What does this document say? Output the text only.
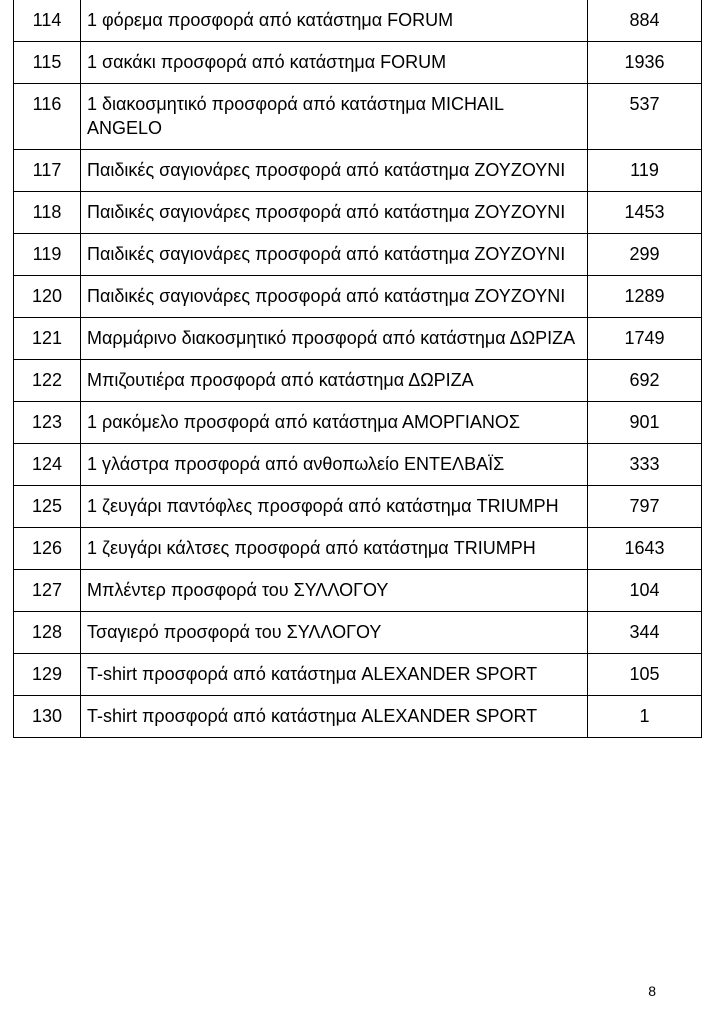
114	1 φόρεμα προσφορά από κατάστημα FORUM	884
115	1 σακάκι προσφορά από κατάστημα FORUM	1936
116	1 διακοσμητικό προσφορά από κατάστημα MICHAIL ANGELO	537
117	Παιδικές σαγιονάρες προσφορά από κατάστημα ΖΟΥΖΟΥΝΙ	119
118	Παιδικές σαγιονάρες προσφορά από κατάστημα ΖΟΥΖΟΥΝΙ	1453
119	Παιδικές σαγιονάρες προσφορά από κατάστημα ΖΟΥΖΟΥΝΙ	299
120	Παιδικές σαγιονάρες προσφορά από κατάστημα ΖΟΥΖΟΥΝΙ	1289
121	Μαρμάρινο διακοσμητικό προσφορά από κατάστημα ΔΩΡΙΖΑ	1749
122	Μπιζουτιέρα προσφορά από κατάστημα ΔΩΡΙΖΑ	692
123	1 ρακόμελο προσφορά από κατάστημα ΑΜΟΡΓΙΑΝΟΣ	901
124	1 γλάστρα προσφορά από ανθοπωλείο ΕΝΤΕΛΒΑΪΣ	333
125	1 ζευγάρι παντόφλες προσφορά από κατάστημα TRIUMPH	797
126	1 ζευγάρι κάλτσες προσφορά από κατάστημα TRIUMPH	1643
127	Μπλέντερ προσφορά του ΣΥΛΛΟΓΟΥ	104
128	Τσαγιερό προσφορά του ΣΥΛΛΟΓΟΥ	344
129	T-shirt προσφορά από κατάστημα ALEXANDER SPORT	105
130	T-shirt προσφορά από κατάστημα ALEXANDER SPORT	1
8
